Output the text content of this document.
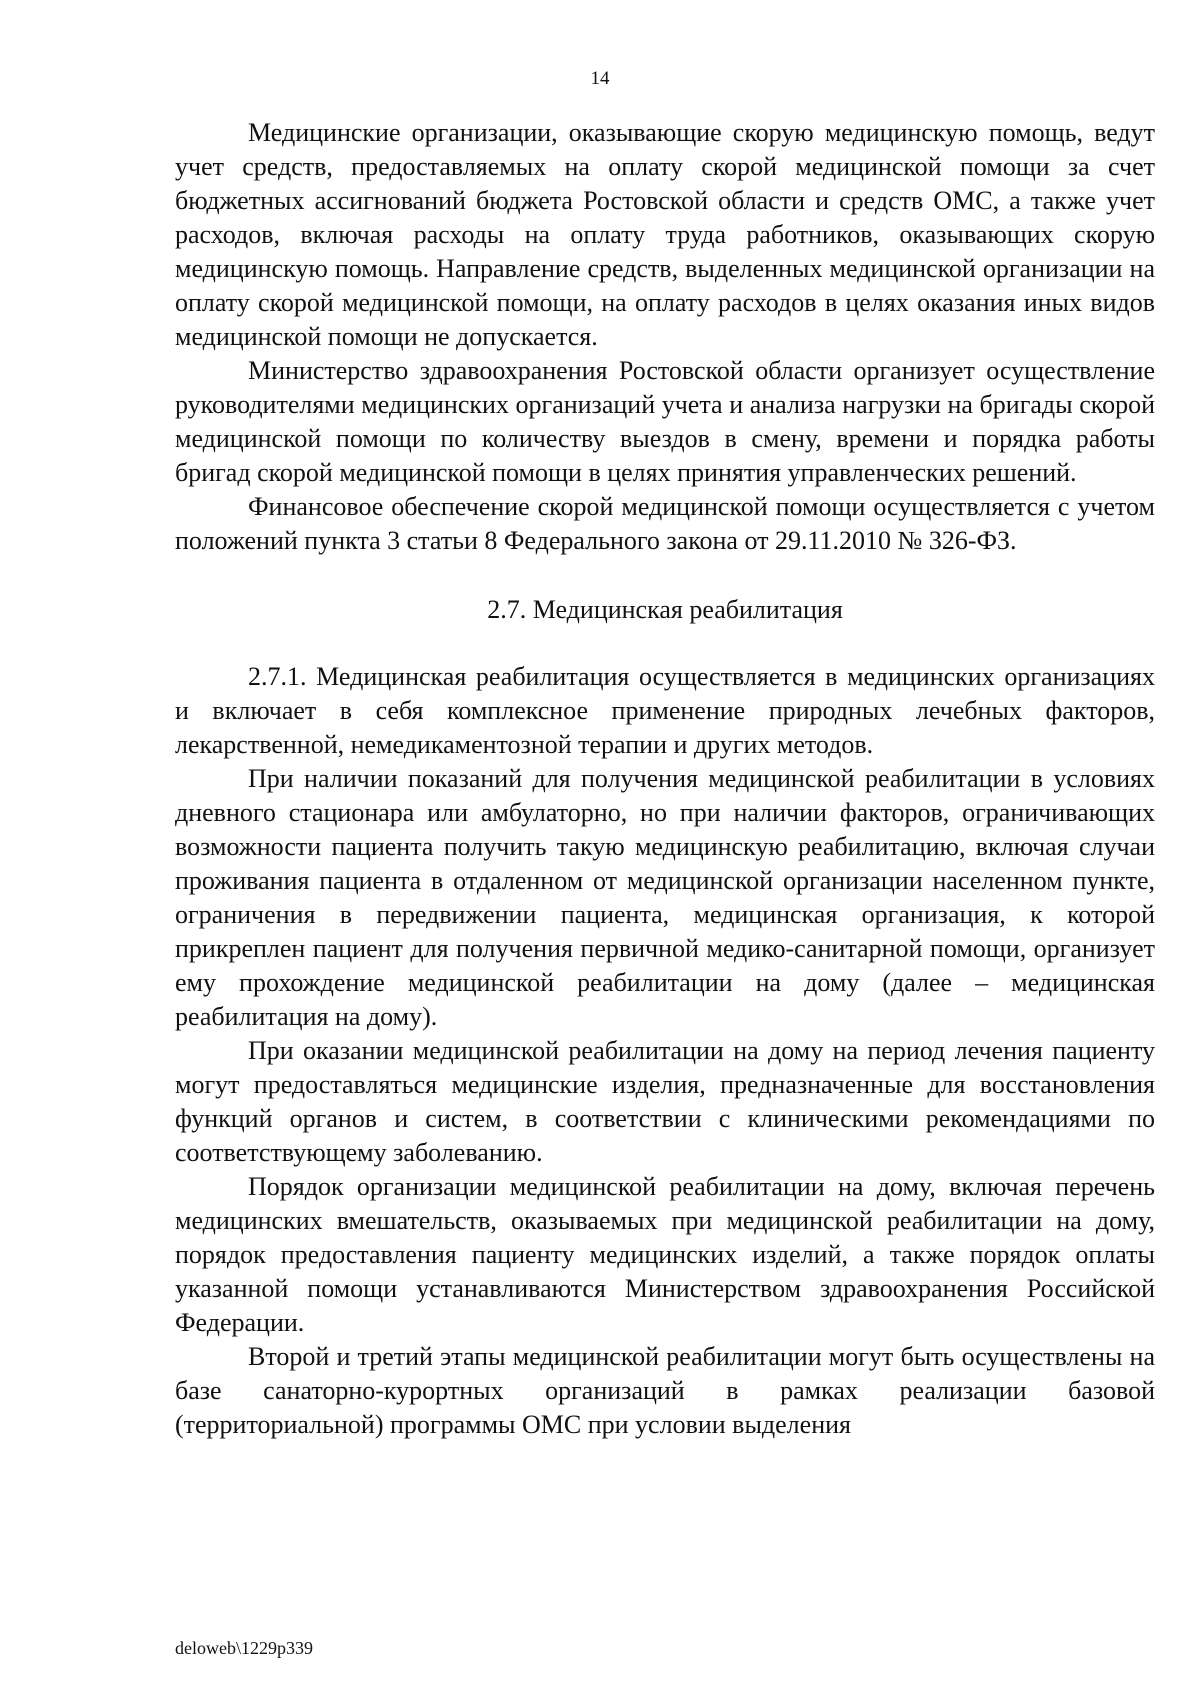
14

Медицинские организации, оказывающие скорую медицинскую помощь, ведут учет средств, предоставляемых на оплату скорой медицинской помощи за счет бюджетных ассигнований бюджета Ростовской области и средств ОМС, а также учет расходов, включая расходы на оплату труда работников, оказывающих скорую медицинскую помощь. Направление средств, выделенных медицинской организации на оплату скорой медицинской помощи, на оплату расходов в целях оказания иных видов медицинской помощи не допускается.

Министерство здравоохранения Ростовской области организует осуществление руководителями медицинских организаций учета и анализа нагрузки на бригады скорой медицинской помощи по количеству выездов в смену, времени и порядка работы бригад скорой медицинской помощи в целях принятия управленческих решений.

Финансовое обеспечение скорой медицинской помощи осуществляется с учетом положений пункта 3 статьи 8 Федерального закона от 29.11.2010 № 326-ФЗ.

2.7. Медицинская реабилитация

2.7.1. Медицинская реабилитация осуществляется в медицинских организациях и включает в себя комплексное применение природных лечебных факторов, лекарственной, немедикаментозной терапии и других методов.

При наличии показаний для получения медицинской реабилитации в условиях дневного стационара или амбулаторно, но при наличии факторов, ограничивающих возможности пациента получить такую медицинскую реабилитацию, включая случаи проживания пациента в отдаленном от медицинской организации населенном пункте, ограничения в передвижении пациента, медицинская организация, к которой прикреплен пациент для получения первичной медико-санитарной помощи, организует ему прохождение медицинской реабилитации на дому (далее – медицинская реабилитация на дому).

При оказании медицинской реабилитации на дому на период лечения пациенту могут предоставляться медицинские изделия, предназначенные для восстановления функций органов и систем, в соответствии с клиническими рекомендациями по соответствующему заболеванию.

Порядок организации медицинской реабилитации на дому, включая перечень медицинских вмешательств, оказываемых при медицинской реабилитации на дому, порядок предоставления пациенту медицинских изделий, а также порядок оплаты указанной помощи устанавливаются Министерством здравоохранения Российской Федерации.

Второй и третий этапы медицинской реабилитации могут быть осуществлены на базе санаторно-курортных организаций в рамках реализации базовой (территориальной) программы ОМС при условии выделения

deloweb\1229p339
